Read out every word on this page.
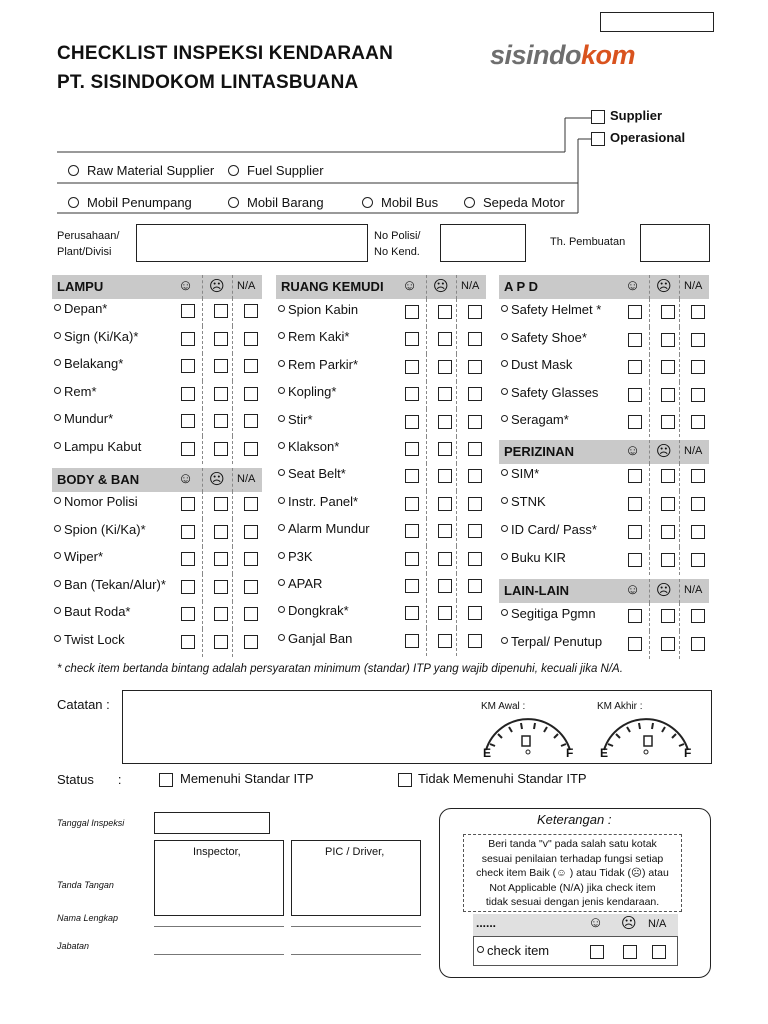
CHECKLIST INSPEKSI KENDARAAN
PT. SISINDOKOM LINTASBUANA
sisindokom
Supplier
Operasional
Raw Material Supplier	Fuel Supplier
Mobil Penumpang	Mobil Barang	Mobil Bus	Sepeda Motor
Perusahaan/
Plant/Divisi
No Polisi/
No Kend.
Th. Pembuatan
LAMPU	☺ ☹ N/A
Depan*
Sign (Ki/Ka)*
Belakang*
Rem*
Mundur*
Lampu Kabut
BODY & BAN	☺ ☹ N/A
Nomor Polisi
Spion (Ki/Ka)*
Wiper*
Ban (Tekan/Alur)*
Baut Roda*
Twist Lock
RUANG KEMUDI ☺ ☹ N/A
Spion Kabin
Rem Kaki*
Rem Parkir*
Kopling*
Stir*
Klakson*
Seat Belt*
Instr. Panel*
Alarm Mundur
P3K
APAR
Dongkrak*
Ganjal Ban
A P D	☺ ☹ N/A
Safety Helmet *
Safety Shoe*
Dust Mask
Safety Glasses
Seragam*
PERIZINAN	☺ ☹ N/A
SIM*
STNK
ID Card/ Pass*
Buku KIR
LAIN-LAIN	☺ ☹ N/A
Segitiga Pgmn
Terpal/ Penutup
* check item bertanda bintang adalah persyaratan minimum (standar) ITP yang wajib dipenuhi, kecuali jika N/A.
Catatan :	KM Awal :	KM Akhir :
E	F E	F
Status :	Memenuhi Standar ITP	Tidak Memenuhi Standar ITP
Tanggal Inspeksi
Inspector,	PIC / Driver,
Tanda Tangan
Nama Lengkap
Jabatan
Keterangan :
Beri tanda "v" pada salah satu kotak
sesuai penilaian terhadap fungsi setiap
check item Baik (☺ ) atau Tidak (☹) atau
Not Applicable (N/A) jika check item
tidak sesuai dengan jenis kendaraan.
......	☺ ☹ N/A
check item
